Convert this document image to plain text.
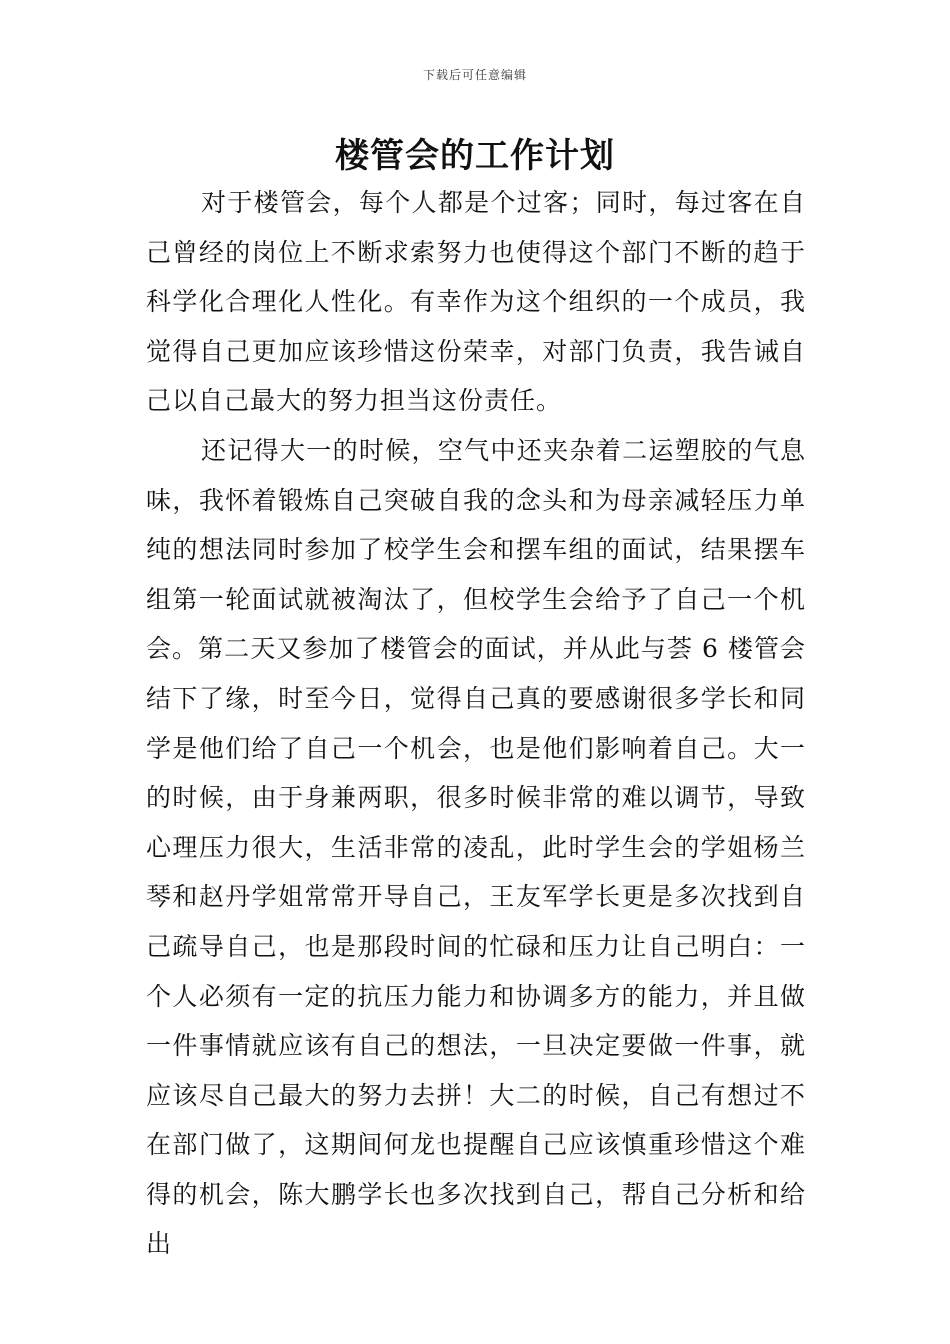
下载后可任意编辑
楼管会的工作计划

对于楼管会，每个人都是个过客；同时，每过客在自己曾经的岗位上不断求索努力也使得这个部门不断的趋于科学化合理化人性化。有幸作为这个组织的一个成员，我觉得自己更加应该珍惜这份荣幸，对部门负责，我告诫自己以自己最大的努力担当这份责任。

还记得大一的时候，空气中还夹杂着二运塑胶的气息味，我怀着锻炼自己突破自我的念头和为母亲减轻压力单纯的想法同时参加了校学生会和摆车组的面试，结果摆车组第一轮面试就被淘汰了，但校学生会给予了自己一个机会。第二天又参加了楼管会的面试，并从此与荟 6 楼管会结下了缘，时至今日，觉得自己真的要感谢很多学长和同学是他们给了自己一个机会，也是他们影响着自己。大一的时候，由于身兼两职，很多时候非常的难以调节，导致心理压力很大，生活非常的凌乱，此时学生会的学姐杨兰琴和赵丹学姐常常开导自己，王友军学长更是多次找到自己疏导自己，也是那段时间的忙碌和压力让自己明白：一个人必须有一定的抗压力能力和协调多方的能力，并且做一件事情就应该有自己的想法，一旦决定要做一件事，就应该尽自己最大的努力去拼！大二的时候，自己有想过不在部门做了，这期间何龙也提醒自己应该慎重珍惜这个难得的机会，陈大鹏学长也多次找到自己，帮自己分析和给出
